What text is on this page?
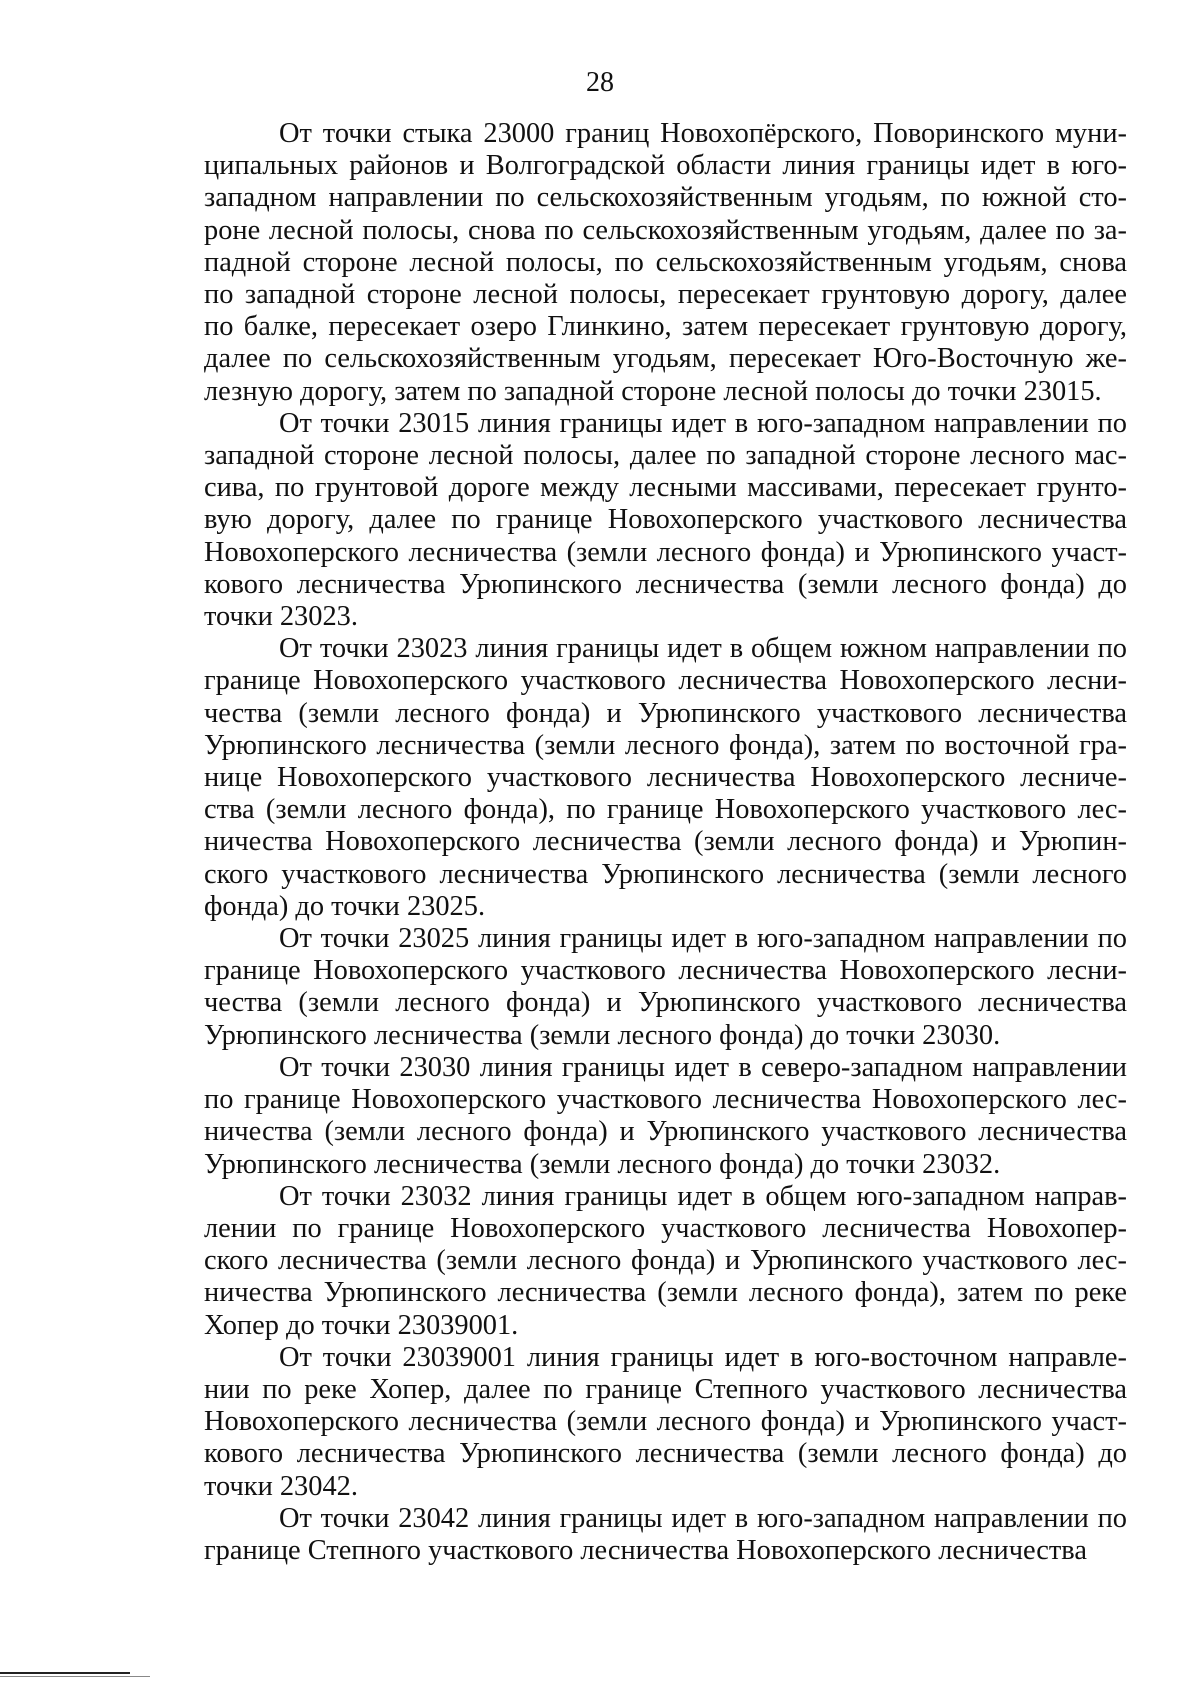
28

От точки стыка 23000 границ Новохопёрского, Поворинского муниципальных районов и Волгоградской области линия границы идет в юго-западном направлении по сельскохозяйственным угодьям, по южной стороне лесной полосы, снова по сельскохозяйственным угодьям, далее по западной стороне лесной полосы, по сельскохозяйственным угодьям, снова по западной стороне лесной полосы, пересекает грунтовую дорогу, далее по балке, пересекает озеро Глинкино, затем пересекает грунтовую дорогу, далее по сельскохозяйственным угодьям, пересекает Юго-Восточную железную дорогу, затем по западной стороне лесной полосы до точки 23015.

От точки 23015 линия границы идет в юго-западном направлении по западной стороне лесной полосы, далее по западной стороне лесного массива, по грунтовой дороге между лесными массивами, пересекает грунтовую дорогу, далее по границе Новохоперского участкового лесничества Новохоперского лесничества (земли лесного фонда) и Урюпинского участкового лесничества Урюпинского лесничества (земли лесного фонда) до точки 23023.

От точки 23023 линия границы идет в общем южном направлении по границе Новохоперского участкового лесничества Новохоперского лесничества (земли лесного фонда) и Урюпинского участкового лесничества Урюпинского лесничества (земли лесного фонда), затем по восточной границе Новохоперского участкового лесничества Новохоперского лесничества (земли лесного фонда), по границе Новохоперского участкового лесничества Новохоперского лесничества (земли лесного фонда) и Урюпинского участкового лесничества Урюпинского лесничества (земли лесного фонда) до точки 23025.

От точки 23025 линия границы идет в юго-западном направлении по границе Новохоперского участкового лесничества Новохоперского лесничества (земли лесного фонда) и Урюпинского участкового лесничества Урюпинского лесничества (земли лесного фонда) до точки 23030.

От точки 23030 линия границы идет в северо-западном направлении по границе Новохоперского участкового лесничества Новохоперского лесничества (земли лесного фонда) и Урюпинского участкового лесничества Урюпинского лесничества (земли лесного фонда) до точки 23032.

От точки 23032 линия границы идет в общем юго-западном направлении по границе Новохоперского участкового лесничества Новохоперского лесничества (земли лесного фонда) и Урюпинского участкового лесничества Урюпинского лесничества (земли лесного фонда), затем по реке Хопер до точки 23039001.

От точки 23039001 линия границы идет в юго-восточном направлении по реке Хопер, далее по границе Степного участкового лесничества Новохоперского лесничества (земли лесного фонда) и Урюпинского участкового лесничества Урюпинского лесничества (земли лесного фонда) до точки 23042.

От точки 23042 линия границы идет в юго-западном направлении по границе Степного участкового лесничества Новохоперского лесничества
